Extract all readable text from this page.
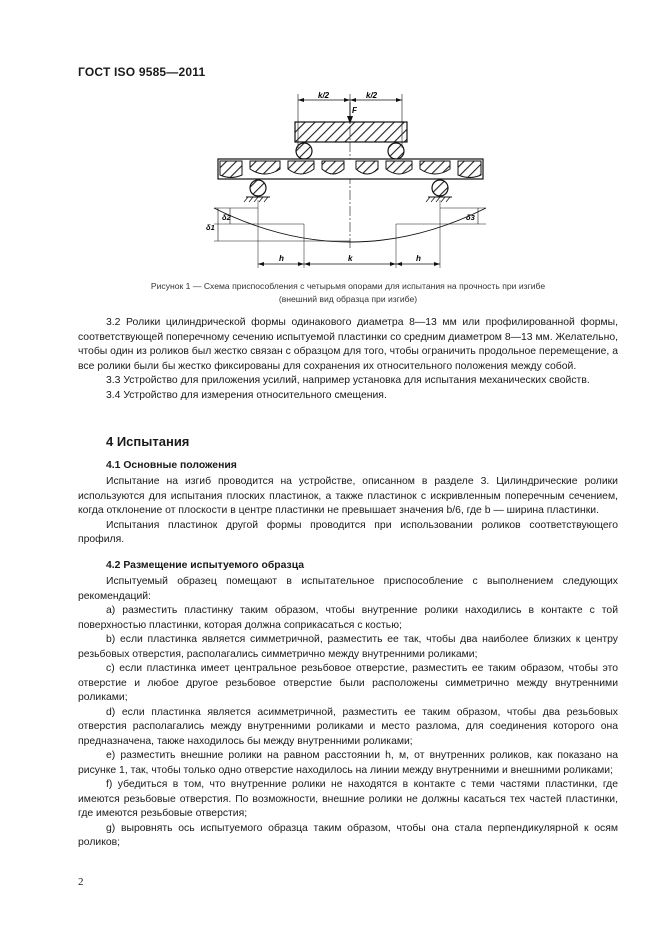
ГОСТ ISO 9585—2011
k/2	k/2
F
δ1
δ2	δ3
h	k	h
Рисунок 1 — Схема приспособления с четырьмя опорами для испытания на прочность при изгибе
(внешний вид образца при изгибе)

3.2 Ролики цилиндрической формы одинакового диаметра 8—13 мм или профилированной формы, соответствующей поперечному сечению испытуемой пластинки со средним диаметром 8—13 мм. Желательно, чтобы один из роликов был жестко связан с образцом для того, чтобы ограничить продольное перемещение, а все ролики были бы жестко фиксированы для сохранения их относительного положения между собой.

3.3 Устройство для приложения усилий, например установка для испытания механических свойств.

3.4 Устройство для измерения относительного смещения.

4 Испытания
4.1 Основные положения

Испытание на изгиб проводится на устройстве, описанном в разделе 3. Цилиндрические ролики используются для испытания плоских пластинок, а также пластинок с искривленным поперечным сечением, когда отклонение от плоскости в центре пластинки не превышает значения b/6, где b — ширина пластинки.

Испытания пластинок другой формы проводится при использовании роликов соответствующего профиля.

4.2 Размещение испытуемого образца

Испытуемый образец помещают в испытательное приспособление с выполнением следующих рекомендаций:

a) разместить пластинку таким образом, чтобы внутренние ролики находились в контакте с той поверхностью пластинки, которая должна соприкасаться с костью;

b) если пластинка является симметричной, разместить ее так, чтобы два наиболее близких к центру резьбовых отверстия, располагались симметрично между внутренними роликами;

c) если пластинка имеет центральное резьбовое отверстие, разместить ее таким образом, чтобы это отверстие и любое другое резьбовое отверстие были расположены симметрично между внутренними роликами;

d) если пластинка является асимметричной, разместить ее таким образом, чтобы два резьбовых отверстия располагались между внутренними роликами и место разлома, для соединения которого она предназначена, также находилось бы между внутренними роликами;

e) разместить внешние ролики на равном расстоянии h, м, от внутренних роликов, как показано на рисунке 1, так, чтобы только одно отверстие находилось на линии между внутренними и внешними роликами;

f) убедиться в том, что внутренние ролики не находятся в контакте с теми частями пластинки, где имеются резьбовые отверстия. По возможности, внешние ролики не должны касаться тех частей пластинки, где имеются резьбовые отверстия;

g) выровнять ось испытуемого образца таким образом, чтобы она стала перпендикулярной к осям роликов;

2
